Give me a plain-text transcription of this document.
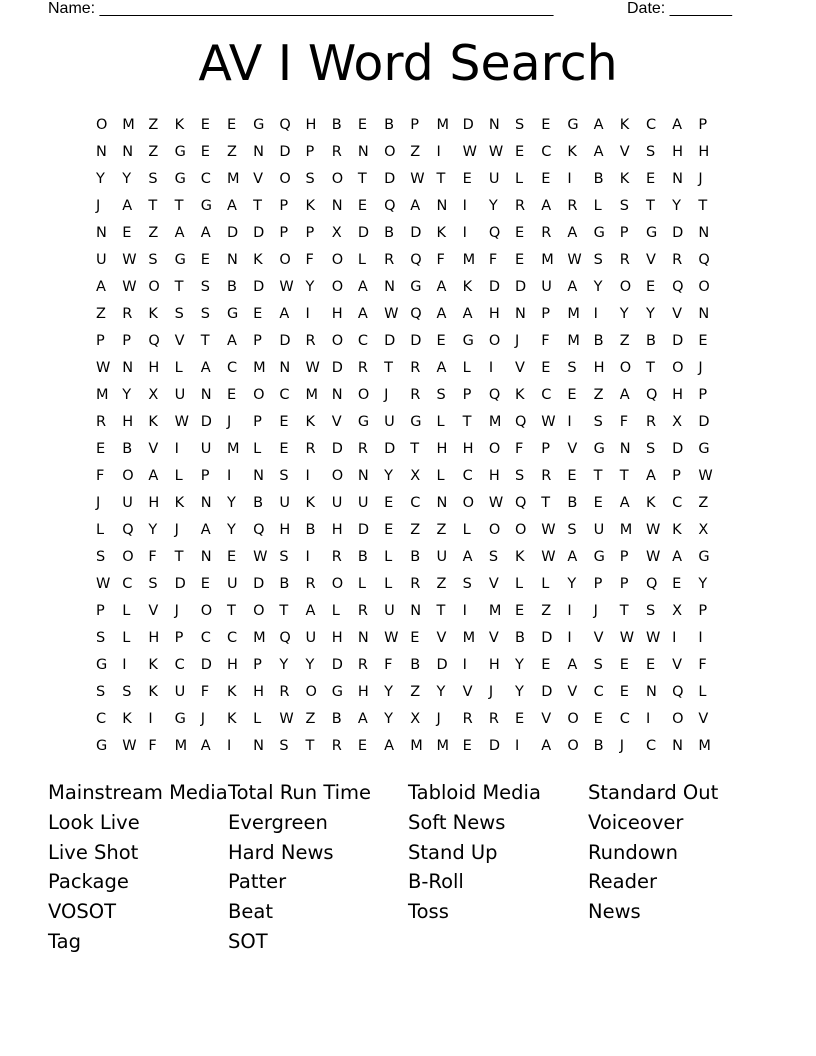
Name: ___________________________________________________	Date: _______
AV I Word Search
O	M Z	K	E	E	G	Q	H	B	E	B	P	M D	N	S	E	G	A	K	C	A	P
N	N	Z	G	E	Z	N	D	P	R	N	O	Z	I	W W E	C	K	A	V	S	H	H
Y	Y	S	G	C	M V	O	S	O	T	D	W T	E	U	L	E	I	B	K	E	N	J
J	A	T	T	G	A	T	P	K	N	E	Q	A	N	I	Y	R	A	R	L	S	T	Y	T
N	E	Z	A	A	D	D	P	P	X	D	B	D	K	I	Q	E	R	A	G	P	G	D	N
U	W S	G	E	N	K	O	F	O	L	R	Q	F	M F	E	M W S	R	V	R	Q
A	W O	T	S	B	D	W Y	O	A	N	G	A	K	D	D	U	A	Y	O	E	Q	O
Z	R	K	S	S	G	E	A	I	H	A	W Q	A	A	H	N	P	M I	Y	Y	V	N
P	P	Q	V	T	A	P	D	R	O	C	D	D	E	G	O	J	F	M B	Z	B	D	E
W N	H	L	A	C	M N	W D	R	T	R	A	L	I	V	E	S	H	O	T	O	J
M Y	X	U	N	E	O	C	M N	O	J	R	S	P	Q	K	C	E	Z	A	Q	H	P
R	H	K	W D	J	P	E	K	V	G	U	G	L	T	M Q	W I	S	F	R	X	D
E	B	V	I	U	M L	E	R	D	R	D	T	H	H	O	F	P	V	G	N	S	D	G
F	O	A	L	P	I	N	S	I	O	N	Y	X	L	C	H	S	R	E	T	T	A	P	W
J	U	H	K	N	Y	B	U	K	U	U	E	C	N	O	W Q	T	B	E	A	K	C	Z
L	Q	Y	J	A	Y	Q	H	B	H	D	E	Z	Z	L	O	O	W S	U	M W K	X
S	O	F	T	N	E	W S	I	R	B	L	B	U	A	S	K	W A	G	P	W A	G
W C	S	D	E	U	D	B	R	O	L	L	R	Z	S	V	L	L	Y	P	P	Q	E	Y
P	L	V	J	O	T	O	T	A	L	R	U	N	T	I	M E	Z	I	J	T	S	X	P
S	L	H	P	C	C	M Q	U	H	N	W E	V	M V	B	D	I	V	W W I	I
G	I	K	C	D	H	P	Y	Y	D	R	F	B	D	I	H	Y	E	A	S	E	E	V	F
S	S	K	U	F	K	H	R	O	G	H	Y	Z	Y	V	J	Y	D	V	C	E	N	Q	L
C	K	I	G	J	K	L	W Z	B	A	Y	X	J	R	R	E	V	O	E	C	I	O	V
G	W F	M A	I	N	S	T	R	E	A	M M E	D	I	A	O	B	J	C	N	M
Mainstream Media
Look Live
Live Shot
Package
VOSOT
Tag
Total Run Time
Evergreen
Hard News
Patter
Beat
SOT
Tabloid Media
Soft News
Stand Up
B-Roll
Toss
Standard Out
Voiceover
Rundown
Reader
News
